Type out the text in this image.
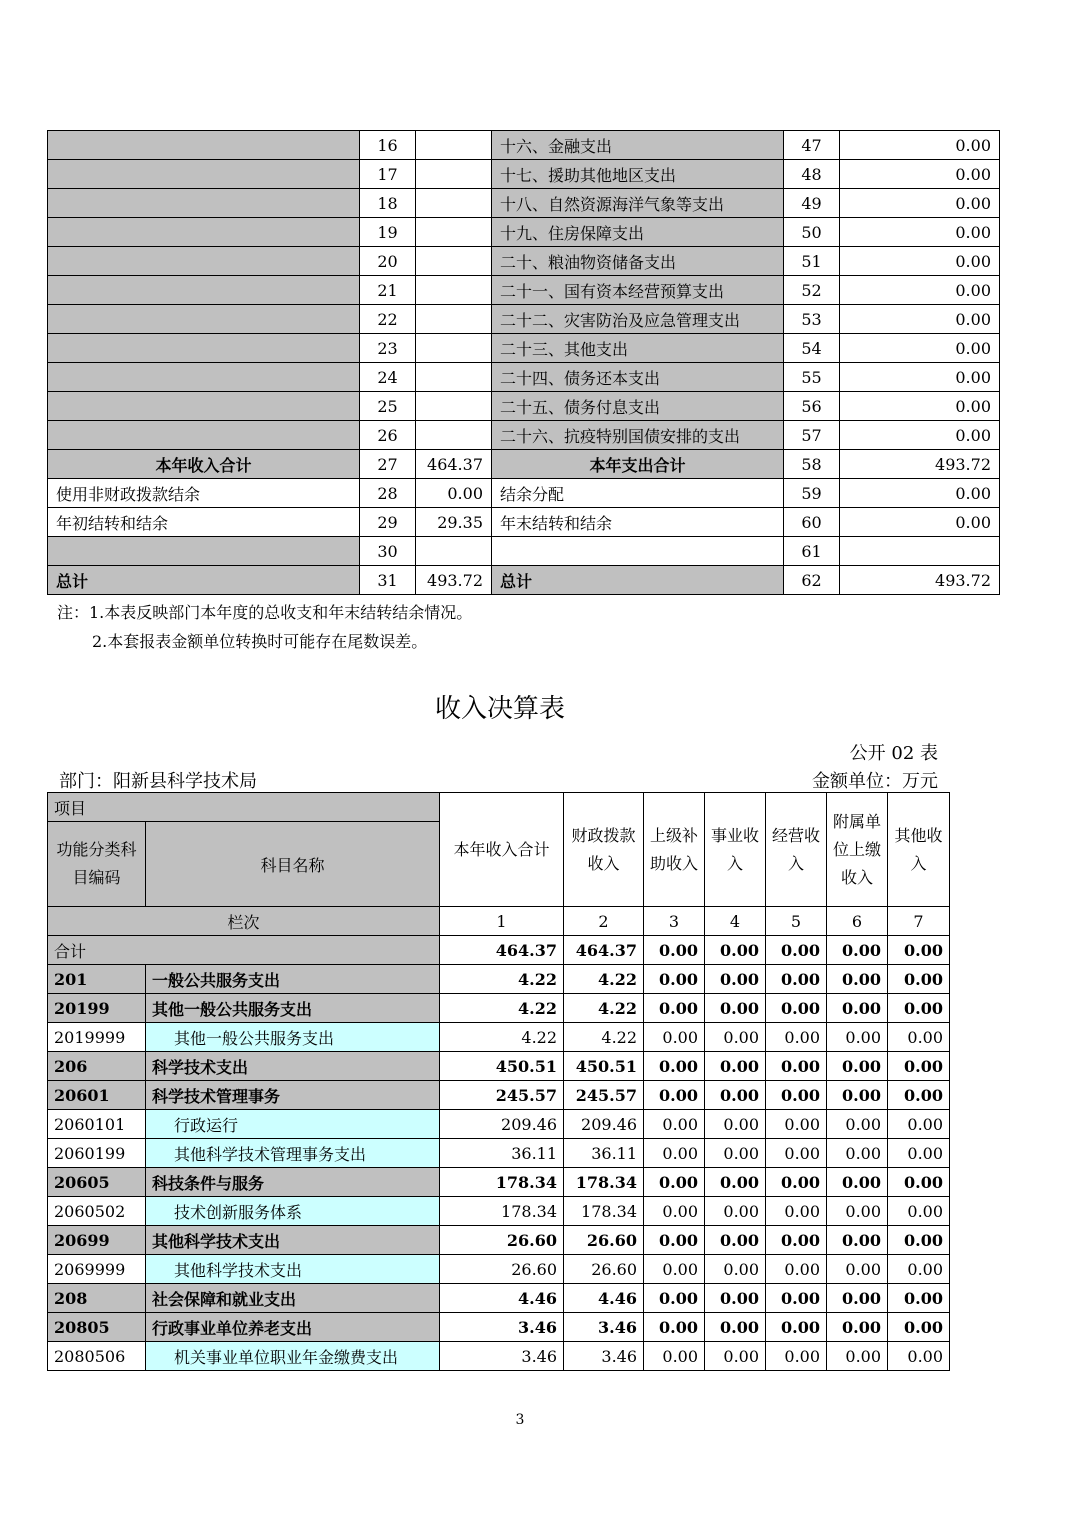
	16		十六、金融支出	47	0.00
	17		十七、援助其他地区支出	48	0.00
	18		十八、自然资源海洋气象等支出	49	0.00
	19		十九、住房保障支出	50	0.00
	20		二十、粮油物资储备支出	51	0.00
	21		二十一、国有资本经营预算支出	52	0.00
	22		二十二、灾害防治及应急管理支出	53	0.00
	23		二十三、其他支出	54	0.00
	24		二十四、债务还本支出	55	0.00
	25		二十五、债务付息支出	56	0.00
	26		二十六、抗疫特别国债安排的支出	57	0.00
本年收入合计	27	464.37	本年支出合计	58	493.72
使用非财政拨款结余	28	0.00	结余分配	59	0.00
年初结转和结余	29	29.35	年末结转和结余	60	0.00
	30			61	
总计	31	493.72	总计	62	493.72
注：1.本表反映部门本年度的总收支和年末结转结余情况。
2.本套报表金额单位转换时可能存在尾数误差。
收入决算表
公开 02 表
部门：阳新县科学技术局	金额单位：万元
项目		本年收入合计	财政拨款收入	上级补助收入	事业收入	经营收入	附属单位上缴收入	其他收入
功能分类科目编码	科目名称							
栏次		1	2	3	4	5	6	7
合计		464.37	464.37	0.00	0.00	0.00	0.00	0.00
201	一般公共服务支出	4.22	4.22	0.00	0.00	0.00	0.00	0.00
20199	其他一般公共服务支出	4.22	4.22	0.00	0.00	0.00	0.00	0.00
2019999	其他一般公共服务支出	4.22	4.22	0.00	0.00	0.00	0.00	0.00
206	科学技术支出	450.51	450.51	0.00	0.00	0.00	0.00	0.00
20601	科学技术管理事务	245.57	245.57	0.00	0.00	0.00	0.00	0.00
2060101	行政运行	209.46	209.46	0.00	0.00	0.00	0.00	0.00
2060199	其他科学技术管理事务支出	36.11	36.11	0.00	0.00	0.00	0.00	0.00
20605	科技条件与服务	178.34	178.34	0.00	0.00	0.00	0.00	0.00
2060502	技术创新服务体系	178.34	178.34	0.00	0.00	0.00	0.00	0.00
20699	其他科学技术支出	26.60	26.60	0.00	0.00	0.00	0.00	0.00
2069999	其他科学技术支出	26.60	26.60	0.00	0.00	0.00	0.00	0.00
208	社会保障和就业支出	4.46	4.46	0.00	0.00	0.00	0.00	0.00
20805	行政事业单位养老支出	3.46	3.46	0.00	0.00	0.00	0.00	0.00
2080506	机关事业单位职业年金缴费支出	3.46	3.46	0.00	0.00	0.00	0.00	0.00
3
